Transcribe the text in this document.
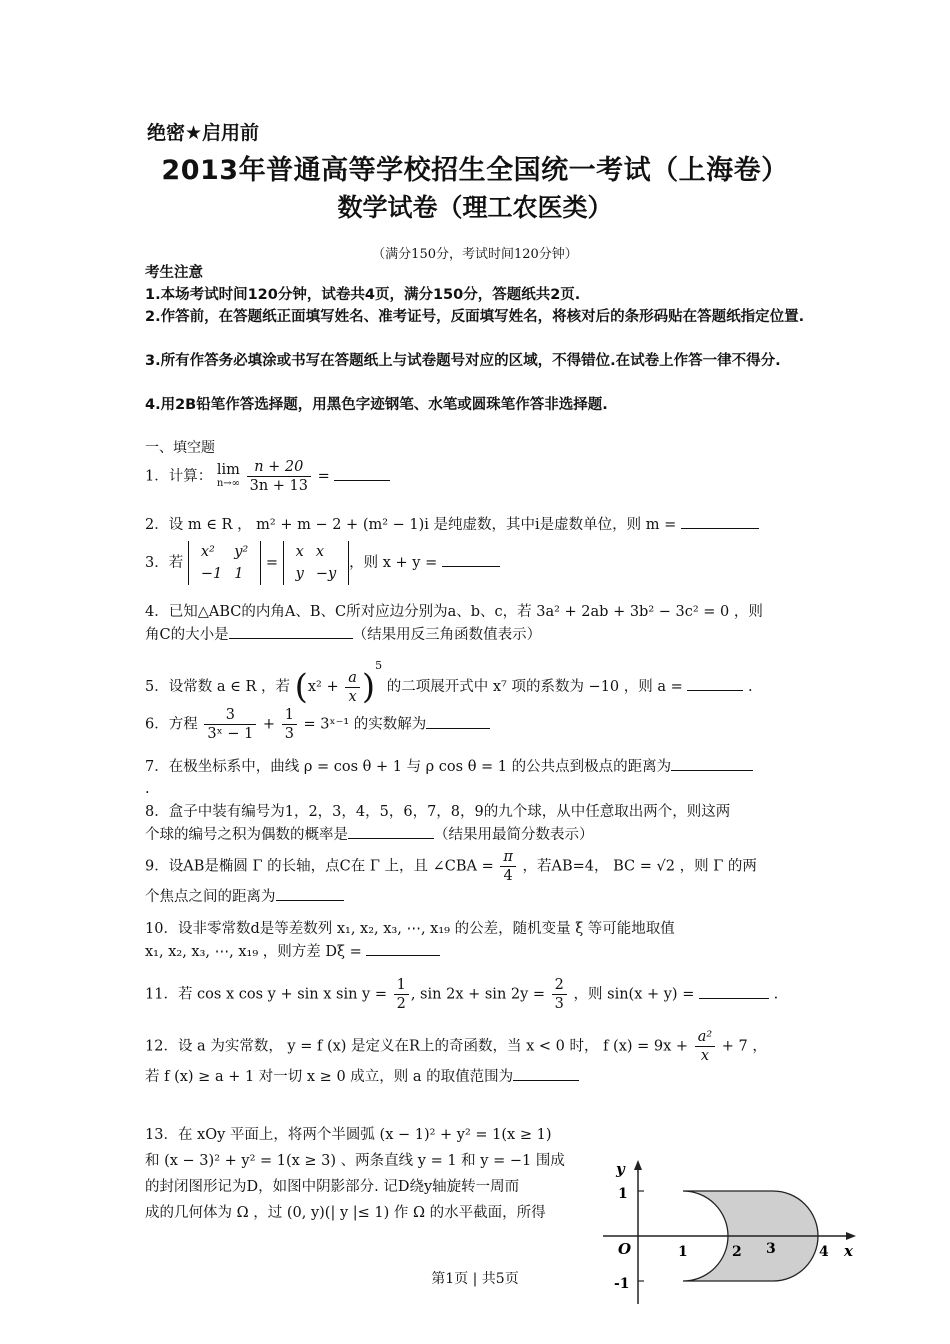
绝密★启用前
2013年普通高等学校招生全国统一考试（上海卷）
数学试卷（理工农医类）
（满分150分，考试时间120分钟）
考生注意
1.本场考试时间120分钟，试卷共4页，满分150分，答题纸共2页.
2.作答前，在答题纸正面填写姓名、准考证号，反面填写姓名，将核对后的条形码贴在答题纸指定位置.
3.所有作答务必填涂或书写在答题纸上与试卷题号对应的区域，不得错位.在试卷上作答一律不得分.
4.用2B铅笔作答选择题，用黑色字迹钢笔、水笔或圆珠笔作答非选择题.
一、填空题
1．计算： lim
n→∞
$\frac{n + 20}{3n + 13}$ =
2．设 m ∈ R ， m² + m − 2 + (m² − 1)i 是纯虚数，其中i是虚数单位，则 m =
3．若
x²	y²
−1	1
=
x	x
y	−y
，则 x + y =
4．已知△ABC的内角A、B、C所对应边分别为a、b、c，若 3a² + 2ab + 3b² − 3c² = 0 ，则
角C的大小是	（结果用反三角函数值表示）
5．设常数 a ∈ R ，若 $(x^2 + \frac{a}{x} )^5$ 的二项展开式中 x⁷ 项的系数为 −10 ，则 a =	.
6．方程 $\frac{3}{\text{3ˣ − 1}} + \frac{1}{3}$ = 3ˣ⁻¹ 的实数解为
7．在极坐标系中，曲线 ρ = cos θ + 1 与 ρ cos θ = 1 的公共点到极点的距离为
.
8．盒子中装有编号为1，2，3，4，5，6，7，8，9的九个球，从中任意取出两个，则这两
个球的编号之积为偶数的概率是	（结果用最简分数表示）
9．设AB是椭圆 Γ 的长轴，点C在 Γ 上，且 ∠CBA = $\frac{\pi}{4}$ ，若AB=4， BC = √2 ，则 Γ 的两
个焦点之间的距离为
10．设非零常数d是等差数列 x₁, x₂, x₃, ⋯, x₁₉ 的公差，随机变量 ξ 等可能地取值
x₁, x₂, x₃, ⋯, x₁₉ ，则方差 Dξ =
11．若 cos x cos y + sin x $\sin y = \frac{1}{2}$ , $\sin 2x + \sin 2y = \frac{2}{3}$ ，则 sin(x + y) =	.
12．设 a 为实常数， y = f (x) 是定义在R上的奇函数，当 x < 0 时， f $(x) = 9x + \frac{\text{a²}}{x} + 7$ ，
若 f (x) ≥ a + 1 对一切 x ≥ 0 成立，则 a 的取值范围为
13．在 xOy 平面上，将两个半圆弧 (x − 1)² + y² = 1(x ≥ 1)
和 (x − 3)² + y² = 1(x ≥ 3) 、两条直线 y = 1 和 y = −1 围成
的封闭图形记为D，如图中阴影部分. 记D绕y轴旋转一周而
成的几何体为 Ω ，过 (0, y)(| y |≤ 1) 作 Ω 的水平截面，所得
y
x
O
1
-1
1	2 3	4
第1页 | 共5页
